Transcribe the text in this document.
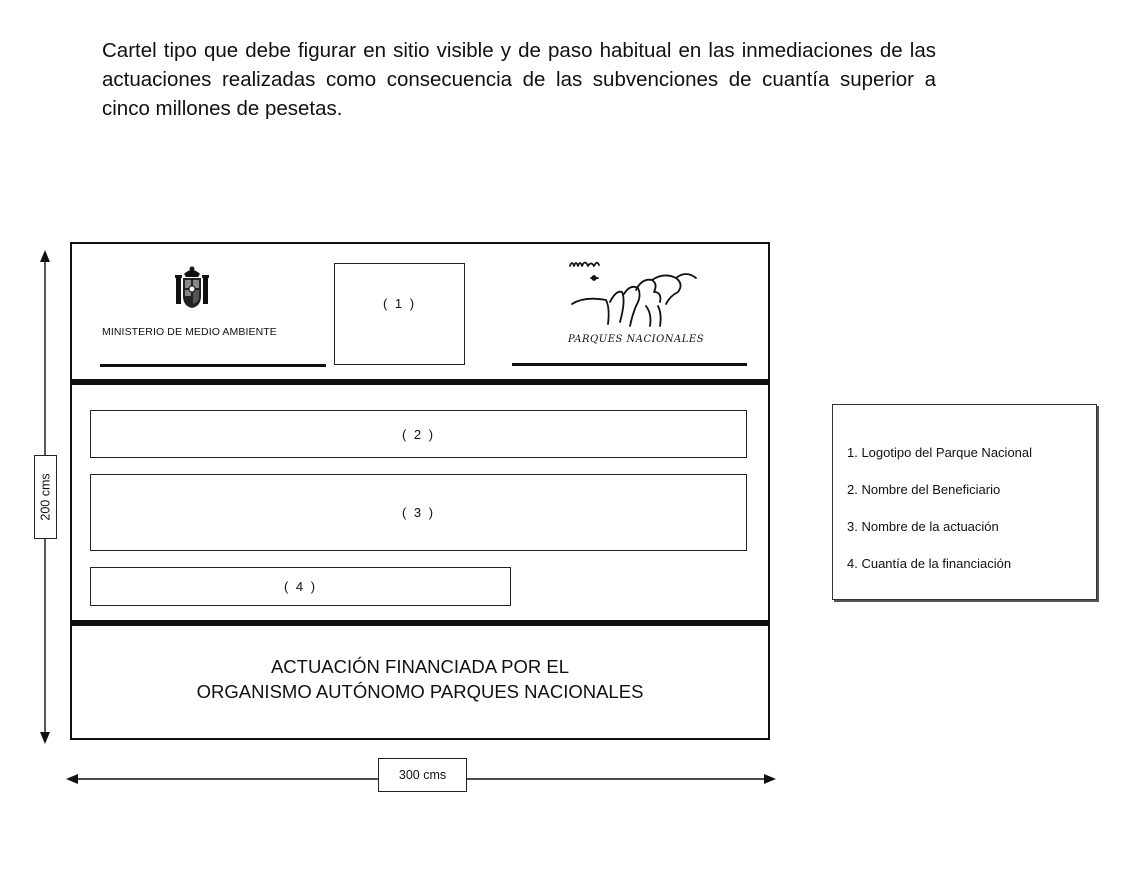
Cartel tipo que debe figurar en sitio visible y de paso habitual en las inmediaciones de las actuaciones realizadas como consecuencia de las subvenciones de cuantía superior a cinco millones de pesetas.

MINISTERIO DE MEDIO AMBIENTE
( 1 )
PARQUES NACIONALES
( 2 )
( 3 )
( 4 )
ACTUACIÓN FINANCIADA POR EL
ORGANISMO AUTÓNOMO PARQUES NACIONALES
200 cms
300 cms
1. Logotipo del Parque Nacional
2. Nombre del Beneficiario
3. Nombre de la actuación
4. Cuantía de la financiación
